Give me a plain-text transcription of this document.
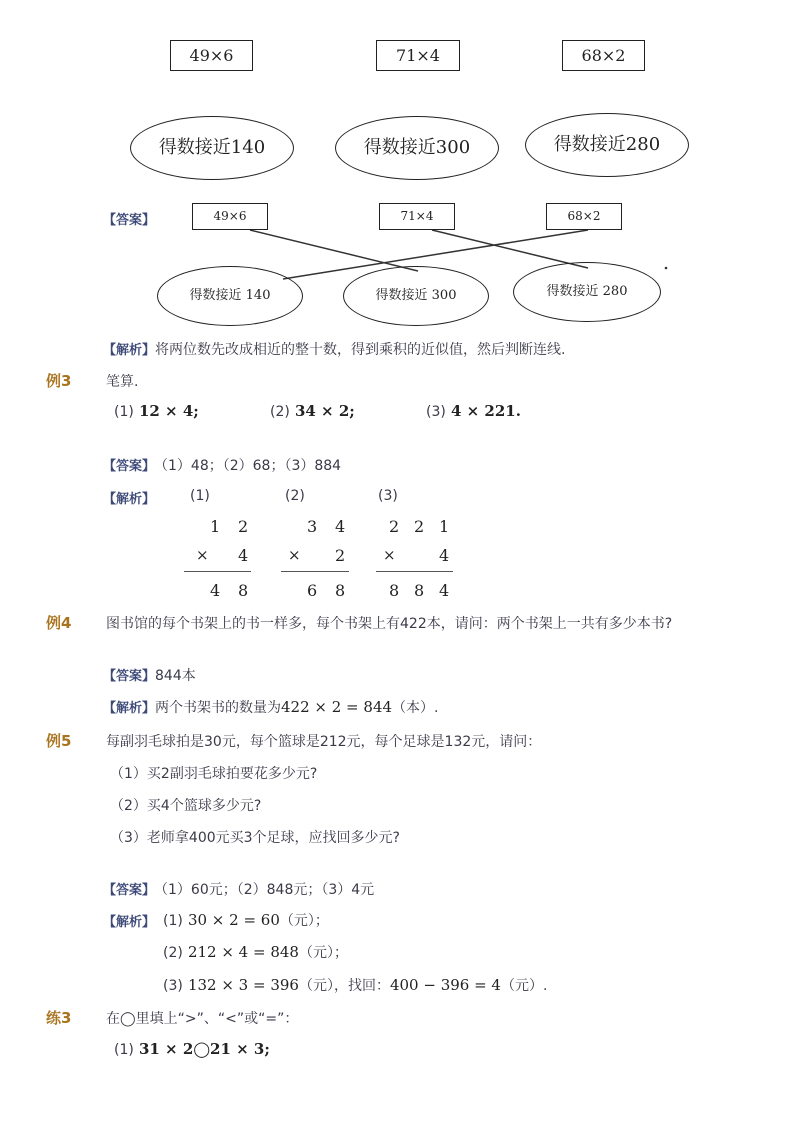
49×6	71×4	68×2
得数接近140	得数接近300	得数接近280
【答案】	49×6	71×4	68×2
得数接近 140	得数接近 300	得数接近 280
【解析】将两位数先改成相近的整十数，得到乘积的近似值，然后判断连线.
例3 笔算.
(1) 12 × 4;	(2) 34 × 2;	(3) 4 × 221.
【答案】 （1）48；（2）68；（3）884
【解析】 (1)
1 2
× 4
4 8
(2)
3 4
× 2
6 8
(3)
2 2 1
×	4
8 8 4
例4 图书馆的每个书架上的书一样多，每个书架上有422本，请问：两个书架上一共有多少本书?
【答案】844本
【解析】两个书架书的数量为422 × 2 = 844（本）.
例5 每副羽毛球拍是30元，每个篮球是212元，每个足球是132元，请问：
（1）买2副羽毛球拍要花多少元?
（2）买4个篮球多少元?
（3）老师拿400元买3个足球，应找回多少元?
【答案】 （1）60元；（2）848元；（3）4元
【解析】 (1) 30 × 2 = 60（元）；
(2) 212 × 4 = 848（元）；
(3) 132 × 3 = 396（元），找回：400 − 396 = 4（元）.
练3 在◯里填上“>”、“<”或“=”：
(1) 31 × 2◯21 × 3;
